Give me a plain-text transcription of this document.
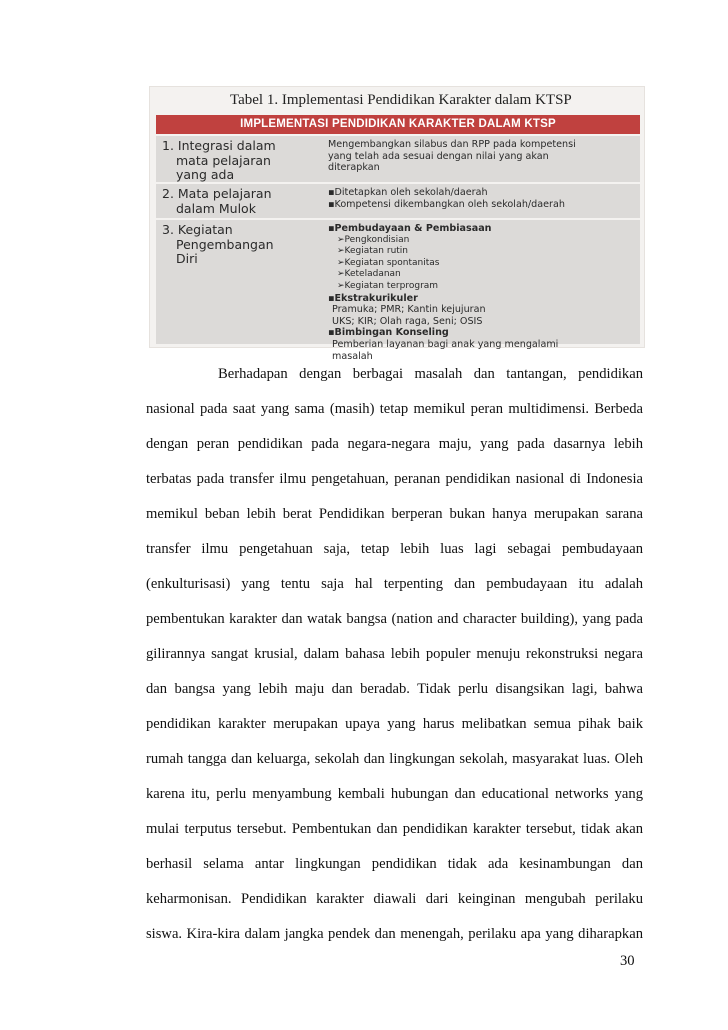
Tabel 1. Implementasi Pendidikan Karakter dalam KTSP
IMPLEMENTASI PENDIDIKAN KARAKTER DALAM KTSP
1. Integrasi dalam
mata pelajaran
yang ada
Mengembangkan silabus dan RPP pada kompetensi
yang telah ada sesuai dengan nilai yang akan
diterapkan
2. Mata pelajaran
dalam Mulok
▪Ditetapkan oleh sekolah/daerah
▪Kompetensi dikembangkan oleh sekolah/daerah
3. Kegiatan
Pengembangan
Diri
▪Pembudayaan & Pembiasaan
➢Pengkondisian
➢Kegiatan rutin
➢Kegiatan spontanitas
➢Keteladanan
➢Kegiatan terprogram
▪Ekstrakurikuler
Pramuka; PMR; Kantin kejujuran
UKS; KIR; Olah raga, Seni; OSIS
▪Bimbingan Konseling
Pemberian layanan bagi anak yang mengalami
masalah
Berhadapan dengan berbagai masalah dan tantangan, pendidikan
nasional pada saat yang sama (masih) tetap memikul peran multidimensi. Berbeda
dengan peran pendidikan pada negara-negara maju, yang pada dasarnya lebih
terbatas pada transfer ilmu pengetahuan, peranan pendidikan nasional di Indonesia
memikul beban lebih berat Pendidikan berperan bukan hanya merupakan sarana
transfer ilmu pengetahuan saja, tetap lebih luas lagi sebagai pembudayaan
(enkulturisasi) yang tentu saja hal terpenting dan pembudayaan itu adalah
pembentukan karakter dan watak bangsa (nation and character building), yang pada
gilirannya sangat krusial, dalam bahasa lebih populer menuju rekonstruksi negara
dan bangsa yang lebih maju dan beradab. Tidak perlu disangsikan lagi, bahwa
pendidikan karakter merupakan upaya yang harus melibatkan semua pihak baik
rumah tangga dan keluarga, sekolah dan lingkungan sekolah, masyarakat luas. Oleh
karena itu, perlu menyambung kembali hubungan dan educational networks yang
mulai terputus tersebut. Pembentukan dan pendidikan karakter tersebut, tidak akan
berhasil selama antar lingkungan pendidikan tidak ada kesinambungan dan
keharmonisan. Pendidikan karakter diawali dari keinginan mengubah perilaku
siswa. Kira-kira dalam jangka pendek dan menengah, perilaku apa yang diharapkan
30
